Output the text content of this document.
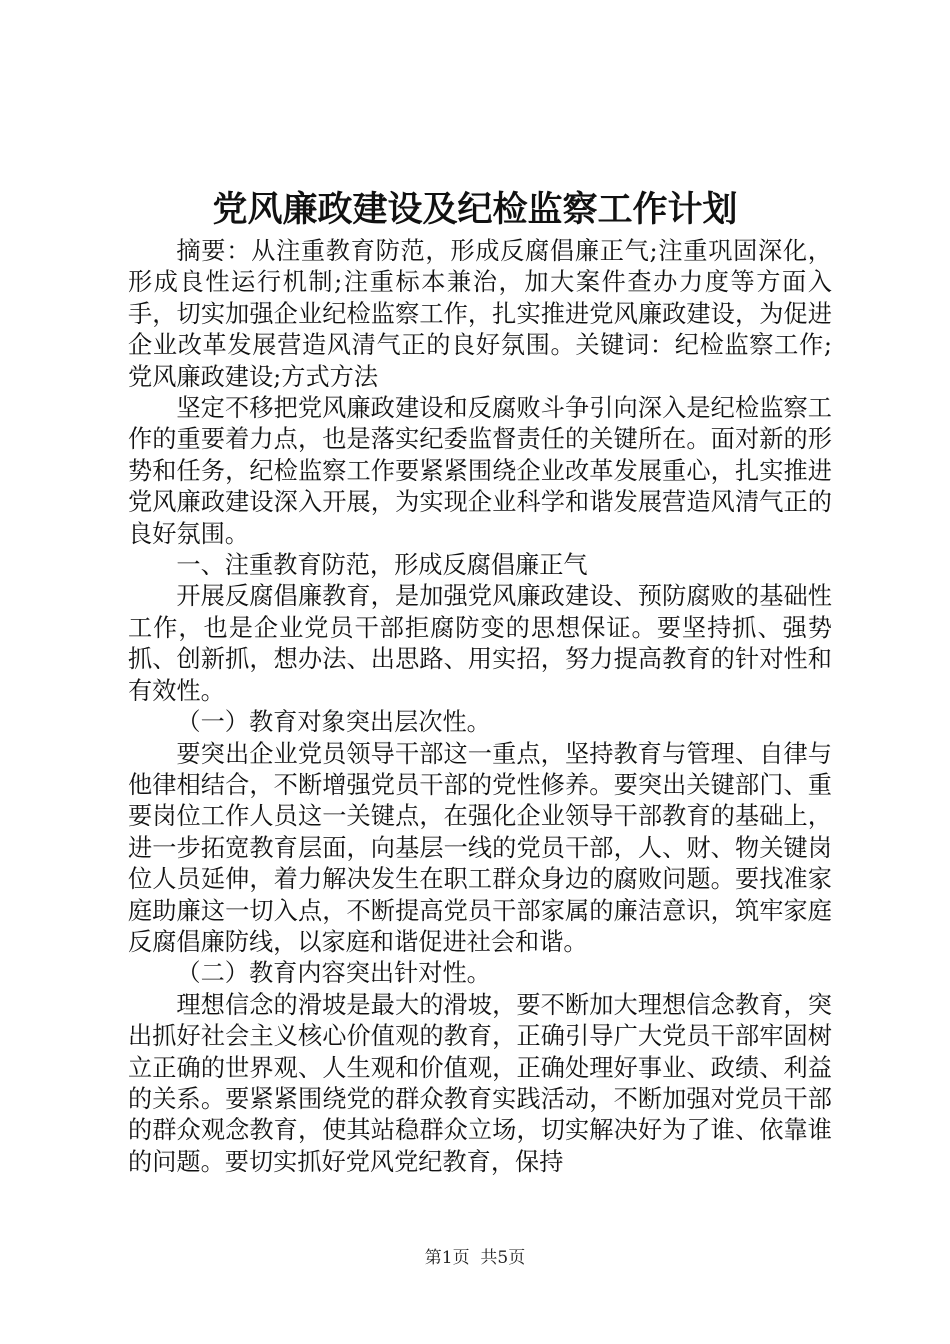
党风廉政建设及纪检监察工作计划

摘要：从注重教育防范，形成反腐倡廉正气;注重巩固深化，形成良性运行机制;注重标本兼治，加大案件查办力度等方面入手，切实加强企业纪检监察工作，扎实推进党风廉政建设，为促进企业改革发展营造风清气正的良好氛围。关键词：纪检监察工作;党风廉政建设;方式方法

坚定不移把党风廉政建设和反腐败斗争引向深入是纪检监察工作的重要着力点，也是落实纪委监督责任的关键所在。面对新的形势和任务，纪检监察工作要紧紧围绕企业改革发展重心，扎实推进党风廉政建设深入开展，为实现企业科学和谐发展营造风清气正的良好氛围。

一、注重教育防范，形成反腐倡廉正气

开展反腐倡廉教育，是加强党风廉政建设、预防腐败的基础性工作，也是企业党员干部拒腐防变的思想保证。要坚持抓、强势抓、创新抓，想办法、出思路、用实招，努力提高教育的针对性和有效性。

（一）教育对象突出层次性。

要突出企业党员领导干部这一重点，坚持教育与管理、自律与他律相结合，不断增强党员干部的党性修养。要突出关键部门、重要岗位工作人员这一关键点，在强化企业领导干部教育的基础上，进一步拓宽教育层面，向基层一线的党员干部，人、财、物关键岗位人员延伸，着力解决发生在职工群众身边的腐败问题。要找准家庭助廉这一切入点，不断提高党员干部家属的廉洁意识，筑牢家庭反腐倡廉防线，以家庭和谐促进社会和谐。

（二）教育内容突出针对性。

理想信念的滑坡是最大的滑坡，要不断加大理想信念教育，突出抓好社会主义核心价值观的教育，正确引导广大党员干部牢固树立正确的世界观、人生观和价值观，正确处理好事业、政绩、利益的关系。要紧紧围绕党的群众教育实践活动，不断加强对党员干部的群众观念教育，使其站稳群众立场，切实解决好为了谁、依靠谁的问题。要切实抓好党风党纪教育，保持

第1页 共5页
